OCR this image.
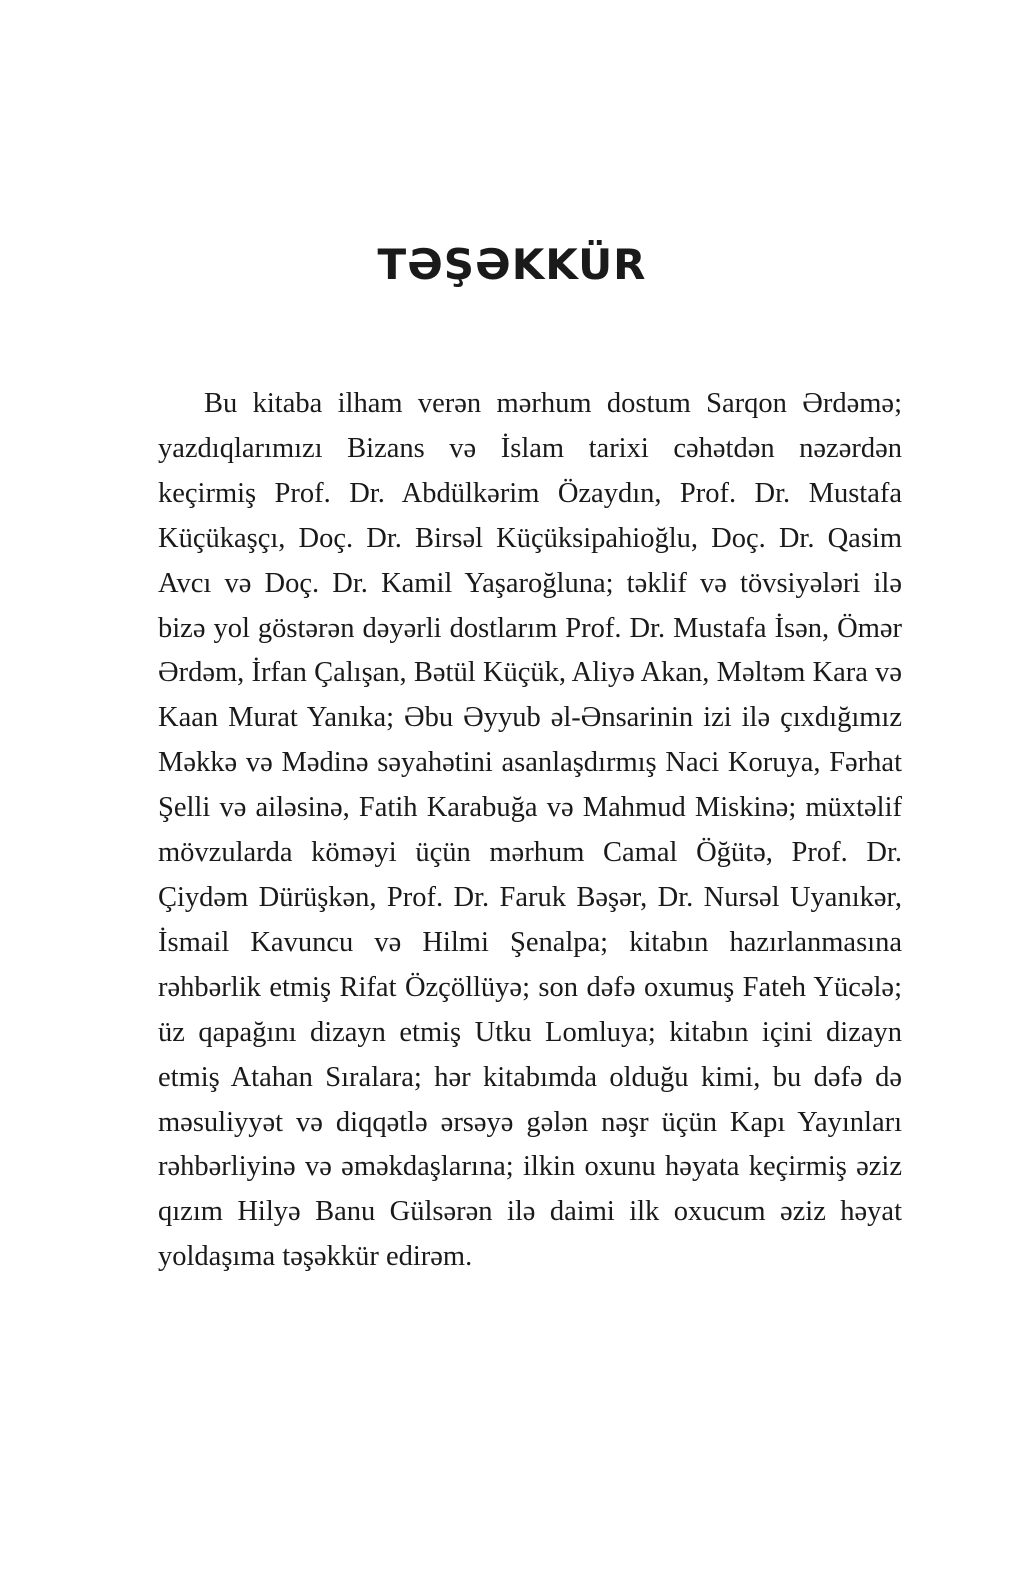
TƏŞƏKKÜR

Bu kitaba ilham verən mərhum dostum Sarqon Ərdəmə; yazdıqlarımızı Bizans və İslam tarixi cəhətdən nəzərdən keçirmiş Prof. Dr. Abdülkərim Özaydın, Prof. Dr. Mustafa Küçükaşçı, Doç. Dr. Birsəl Küçüksipahioğlu, Doç. Dr. Qasim Avcı və Doç. Dr. Kamil Yaşaroğluna; təklif və tövsiyələri ilə bizə yol göstərən dəyərli dostlarım Prof. Dr. Mustafa İsən, Ömər Ərdəm, İrfan Çalışan, Bətül Küçük, Aliyə Akan, Məltəm Kara və Kaan Murat Yanıka; Əbu Əyyub əl-Ənsarinin izi ilə çıxdığımız Məkkə və Mədinə səyahətini asanlaşdırmış Naci Koruya, Fərhat Şelli və ailəsinə, Fatih Karabuğa və Mahmud Miskinə; müxtəlif mövzularda köməyi üçün mərhum Camal Öğütə, Prof. Dr. Çiydəm Dürüşkən, Prof. Dr. Faruk Bəşər, Dr. Nursəl Uyanıkər, İsmail Kavuncu və Hilmi Şenalpa; kitabın hazırlanmasına rəhbərlik etmiş Rifat Özçöllüyə; son dəfə oxumuş Fateh Yücələ; üz qapağını dizayn etmiş Utku Lomluya; kitabın içini dizayn etmiş Atahan Sıralara; hər kitabımda olduğu kimi, bu dəfə də məsuliyyət və diqqətlə ərsəyə gələn nəşr üçün Kapı Yayınları rəhbərliyinə və əməkdaşlarına; ilkin oxunu həyata keçirmiş əziz qızım Hilyə Banu Gülsərən ilə daimi ilk oxucum əziz həyat yoldaşıma təşəkkür edirəm.
